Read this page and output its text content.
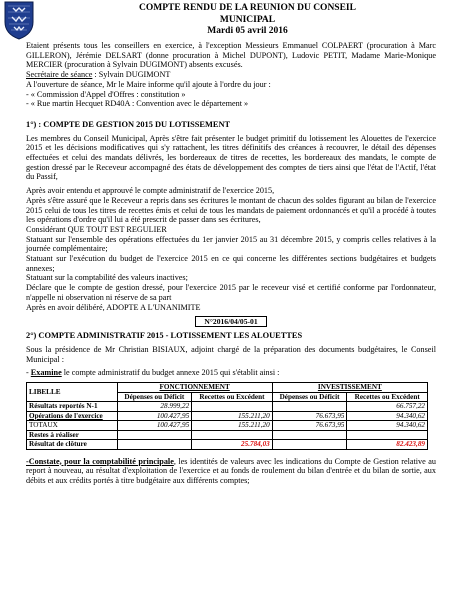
COMPTE RENDU DE LA REUNION DU CONSEIL MUNICIPAL
Mardi 05 avril 2016

Etaient présents tous les conseillers en exercice, à l'exception Messieurs Emmanuel COLPAERT (procuration à Marc GILLERON), Jérémie DELSART (donne procuration à Michel DUPONT), Ludovic PETIT, Madame Marie-Monique MERCIER (procuration à Sylvain DUGIMONT) absents excusés.

Secrétaire de séance : Sylvain DUGIMONT

A l'ouverture de séance, Mr le Maire informe qu'il ajoute à l'ordre du jour :

- « Commission d'Appel d'Offres : constitution »

- « Rue martin Hecquet RD40A : Convention avec le département »

1°) : COMPTE DE GESTION 2015 DU LOTISSEMENT

Les membres du Conseil Municipal, Après s'être fait présenter le budget primitif du lotissement les Alouettes de l'exercice 2015 et les décisions modificatives qui s'y rattachent, les titres définitifs des créances à recouvrer, le détail des dépenses effectuées et celui des mandats délivrés, les bordereaux de titres de recettes, les bordereaux des mandats, le compte de gestion dressé par le Receveur accompagné des états de développement des comptes de tiers ainsi que l'état de l'Actif, l'état du Passif,

Après avoir entendu et approuvé le compte administratif de l'exercice 2015,

Après s'être assuré que le Receveur a repris dans ses écritures le montant de chacun des soldes figurant au bilan de l'exercice 2015 celui de tous les titres de recettes émis et celui de tous les mandats de paiement ordonnancés et qu'il a procédé à toutes les opérations d'ordre qu'il lui a été prescrit de passer dans ses écritures,

Considérant QUE TOUT EST REGULIER

Statuant sur l'ensemble des opérations effectuées du 1er janvier 2015 au 31 décembre 2015, y compris celles relatives à la journée complémentaire;

Statuant sur l'exécution du budget de l'exercice 2015 en ce qui concerne les différentes sections budgétaires et budgets annexes;

Statuant sur la comptabilité des valeurs inactives;

Déclare que le compte de gestion dressé, pour l'exercice 2015 par le receveur visé et certifié conforme par l'ordonnateur, n'appelle ni observation ni réserve de sa part

Après en avoir délibéré, ADOPTE A L'UNANIMITE

N°2016/04/05-01

2°) COMPTE ADMINISTRATIF 2015 - LOTISSEMENT LES ALOUETTES

Sous la présidence de Mr Christian BISIAUX, adjoint chargé de la préparation des documents budgétaires, le Conseil Municipal :

- Examine le compte administratif du budget annexe 2015 qui s'établit ainsi :

LIBELLE	FONCTIONNEMENT		INVESTISSEMENT	
	Dépenses ou Déficit	Recettes ou Excédent	Dépenses ou Déficit	Recettes ou Excédent
Résultats reportés N-1	28.999,22			66.757,22
Opérations de l'exercice	100.427,95	155.211,20	76.673,95	94.340,62
TOTAUX	100.427,95	155.211,20	76.673,95	94.340,62
Restes à réaliser				
Résultat de clôture		25.784,03		82.423,89

-Constate, pour la comptabilité principale, les identités de valeurs avec les indications du Compte de Gestion relative au report à nouveau, au résultat d'exploitation de l'exercice et au fonds de roulement du bilan d'entrée et du bilan de sortie, aux débits et aux crédits portés à titre budgétaire aux différents comptes;
